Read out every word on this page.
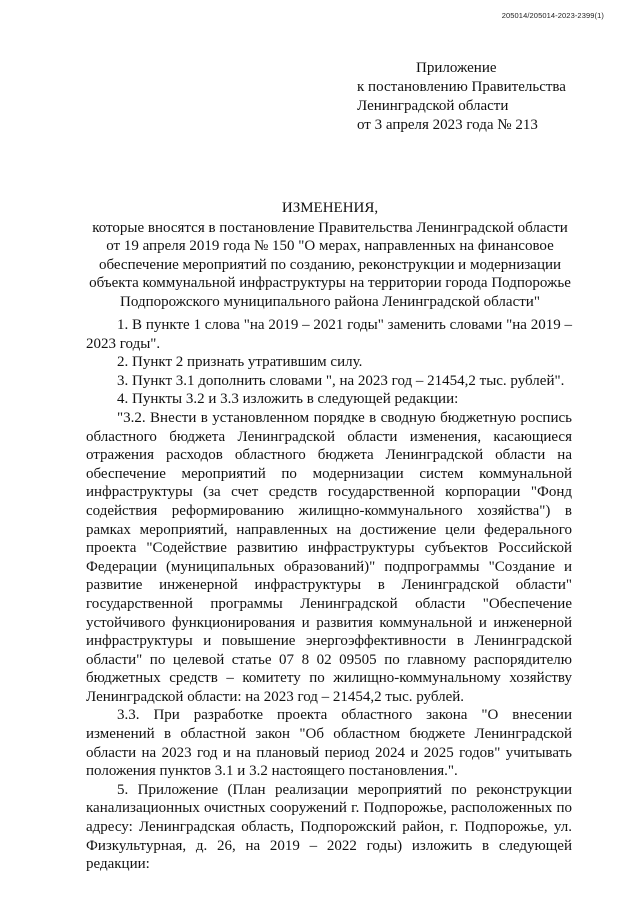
205014/205014-2023-2399(1)
Приложение
к постановлению Правительства
Ленинградской области
от 3 апреля 2023 года № 213
ИЗМЕНЕНИЯ,
которые вносятся в постановление Правительства Ленинградской области
от 19 апреля 2019 года № 150 "О мерах, направленных на финансовое
обеспечение мероприятий по созданию, реконструкции и модернизации
объекта коммунальной инфраструктуры на территории города Подпорожье
Подпорожского муниципального района Ленинградской области"

1. В пункте 1 слова "на 2019 – 2021 годы" заменить словами "на 2019 – 2023 годы".

2. Пункт 2 признать утратившим силу.

3. Пункт 3.1 дополнить словами ", на 2023 год – 21454,2 тыс. рублей".

4. Пункты 3.2 и 3.3 изложить в следующей редакции:

"3.2. Внести в установленном порядке в сводную бюджетную роспись областного бюджета Ленинградской области изменения, касающиеся отражения расходов областного бюджета Ленинградской области на обеспечение мероприятий по модернизации систем коммунальной инфраструктуры (за счет средств государственной корпорации "Фонд содействия реформированию жилищно-коммунального хозяйства") в рамках мероприятий, направленных на достижение цели федерального проекта "Содействие развитию инфраструктуры субъектов Российской Федерации (муниципальных образований)" подпрограммы "Создание и развитие инженерной инфраструктуры в Ленинградской области" государственной программы Ленинградской области "Обеспечение устойчивого функционирования и развития коммунальной и инженерной инфраструктуры и повышение энергоэффективности в Ленинградской области" по целевой статье 07 8 02 09505 по главному распорядителю бюджетных средств – комитету по жилищно-коммунальному хозяйству Ленинградской области: на 2023 год – 21454,2 тыс. рублей.

3.3. При разработке проекта областного закона "О внесении изменений в областной закон "Об областном бюджете Ленинградской области на 2023 год и на плановый период 2024 и 2025 годов" учитывать положения пунктов 3.1 и 3.2 настоящего постановления.".

5. Приложение (План реализации мероприятий по реконструкции канализационных очистных сооружений г. Подпорожье, расположенных по адресу: Ленинградская область, Подпорожский район, г. Подпорожье, ул. Физкультурная, д. 26, на 2019 – 2022 годы) изложить в следующей редакции:
